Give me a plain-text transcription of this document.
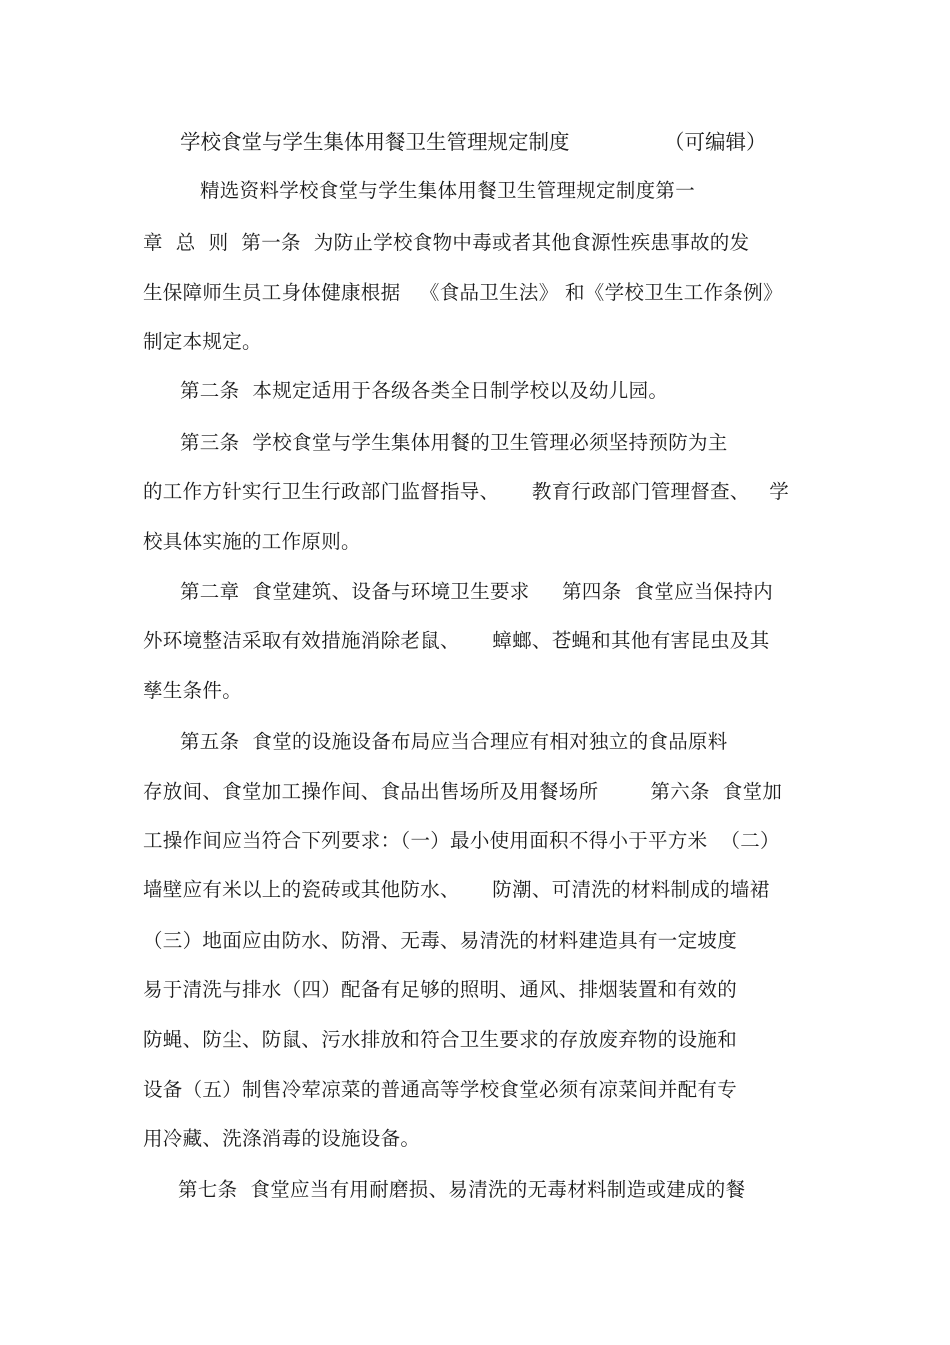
学校食堂与学生集体用餐卫生管理规定制度	（可编辑）
精选资料学校食堂与学生集体用餐卫生管理规定制度第一
章  总  则  第一条  为防止学校食物中毒或者其他食源性疾患事故的发
生保障师生员工身体健康根据   《食品卫生法》 和《学校卫生工作条例》
制定本规定。
第二条  本规定适用于各级各类全日制学校以及幼儿园。
第三条  学校食堂与学生集体用餐的卫生管理必须坚持预防为主
的工作方针实行卫生行政部门监督指导、     教育行政部门管理督查、   学
校具体实施的工作原则。
第二章  食堂建筑、设备与环境卫生要求     第四条  食堂应当保持内
外环境整洁采取有效措施消除老鼠、     蟑螂、苍蝇和其他有害昆虫及其
孳生条件。
第五条  食堂的设施设备布局应当合理应有相对独立的食品原料
存放间、食堂加工操作间、食品出售场所及用餐场所        第六条  食堂加
工操作间应当符合下列要求：（一）最小使用面积不得小于平方米  （二）
墙壁应有米以上的瓷砖或其他防水、     防潮、可清洗的材料制成的墙裙
（三）地面应由防水、防滑、无毒、易清洗的材料建造具有一定坡度
易于清洗与排水（四）配备有足够的照明、通风、排烟装置和有效的
防蝇、防尘、防鼠、污水排放和符合卫生要求的存放废弃物的设施和
设备（五）制售冷荤凉菜的普通高等学校食堂必须有凉菜间并配有专
用冷藏、洗涤消毒的设施设备。
第七条  食堂应当有用耐磨损、易清洗的无毒材料制造或建成的餐
